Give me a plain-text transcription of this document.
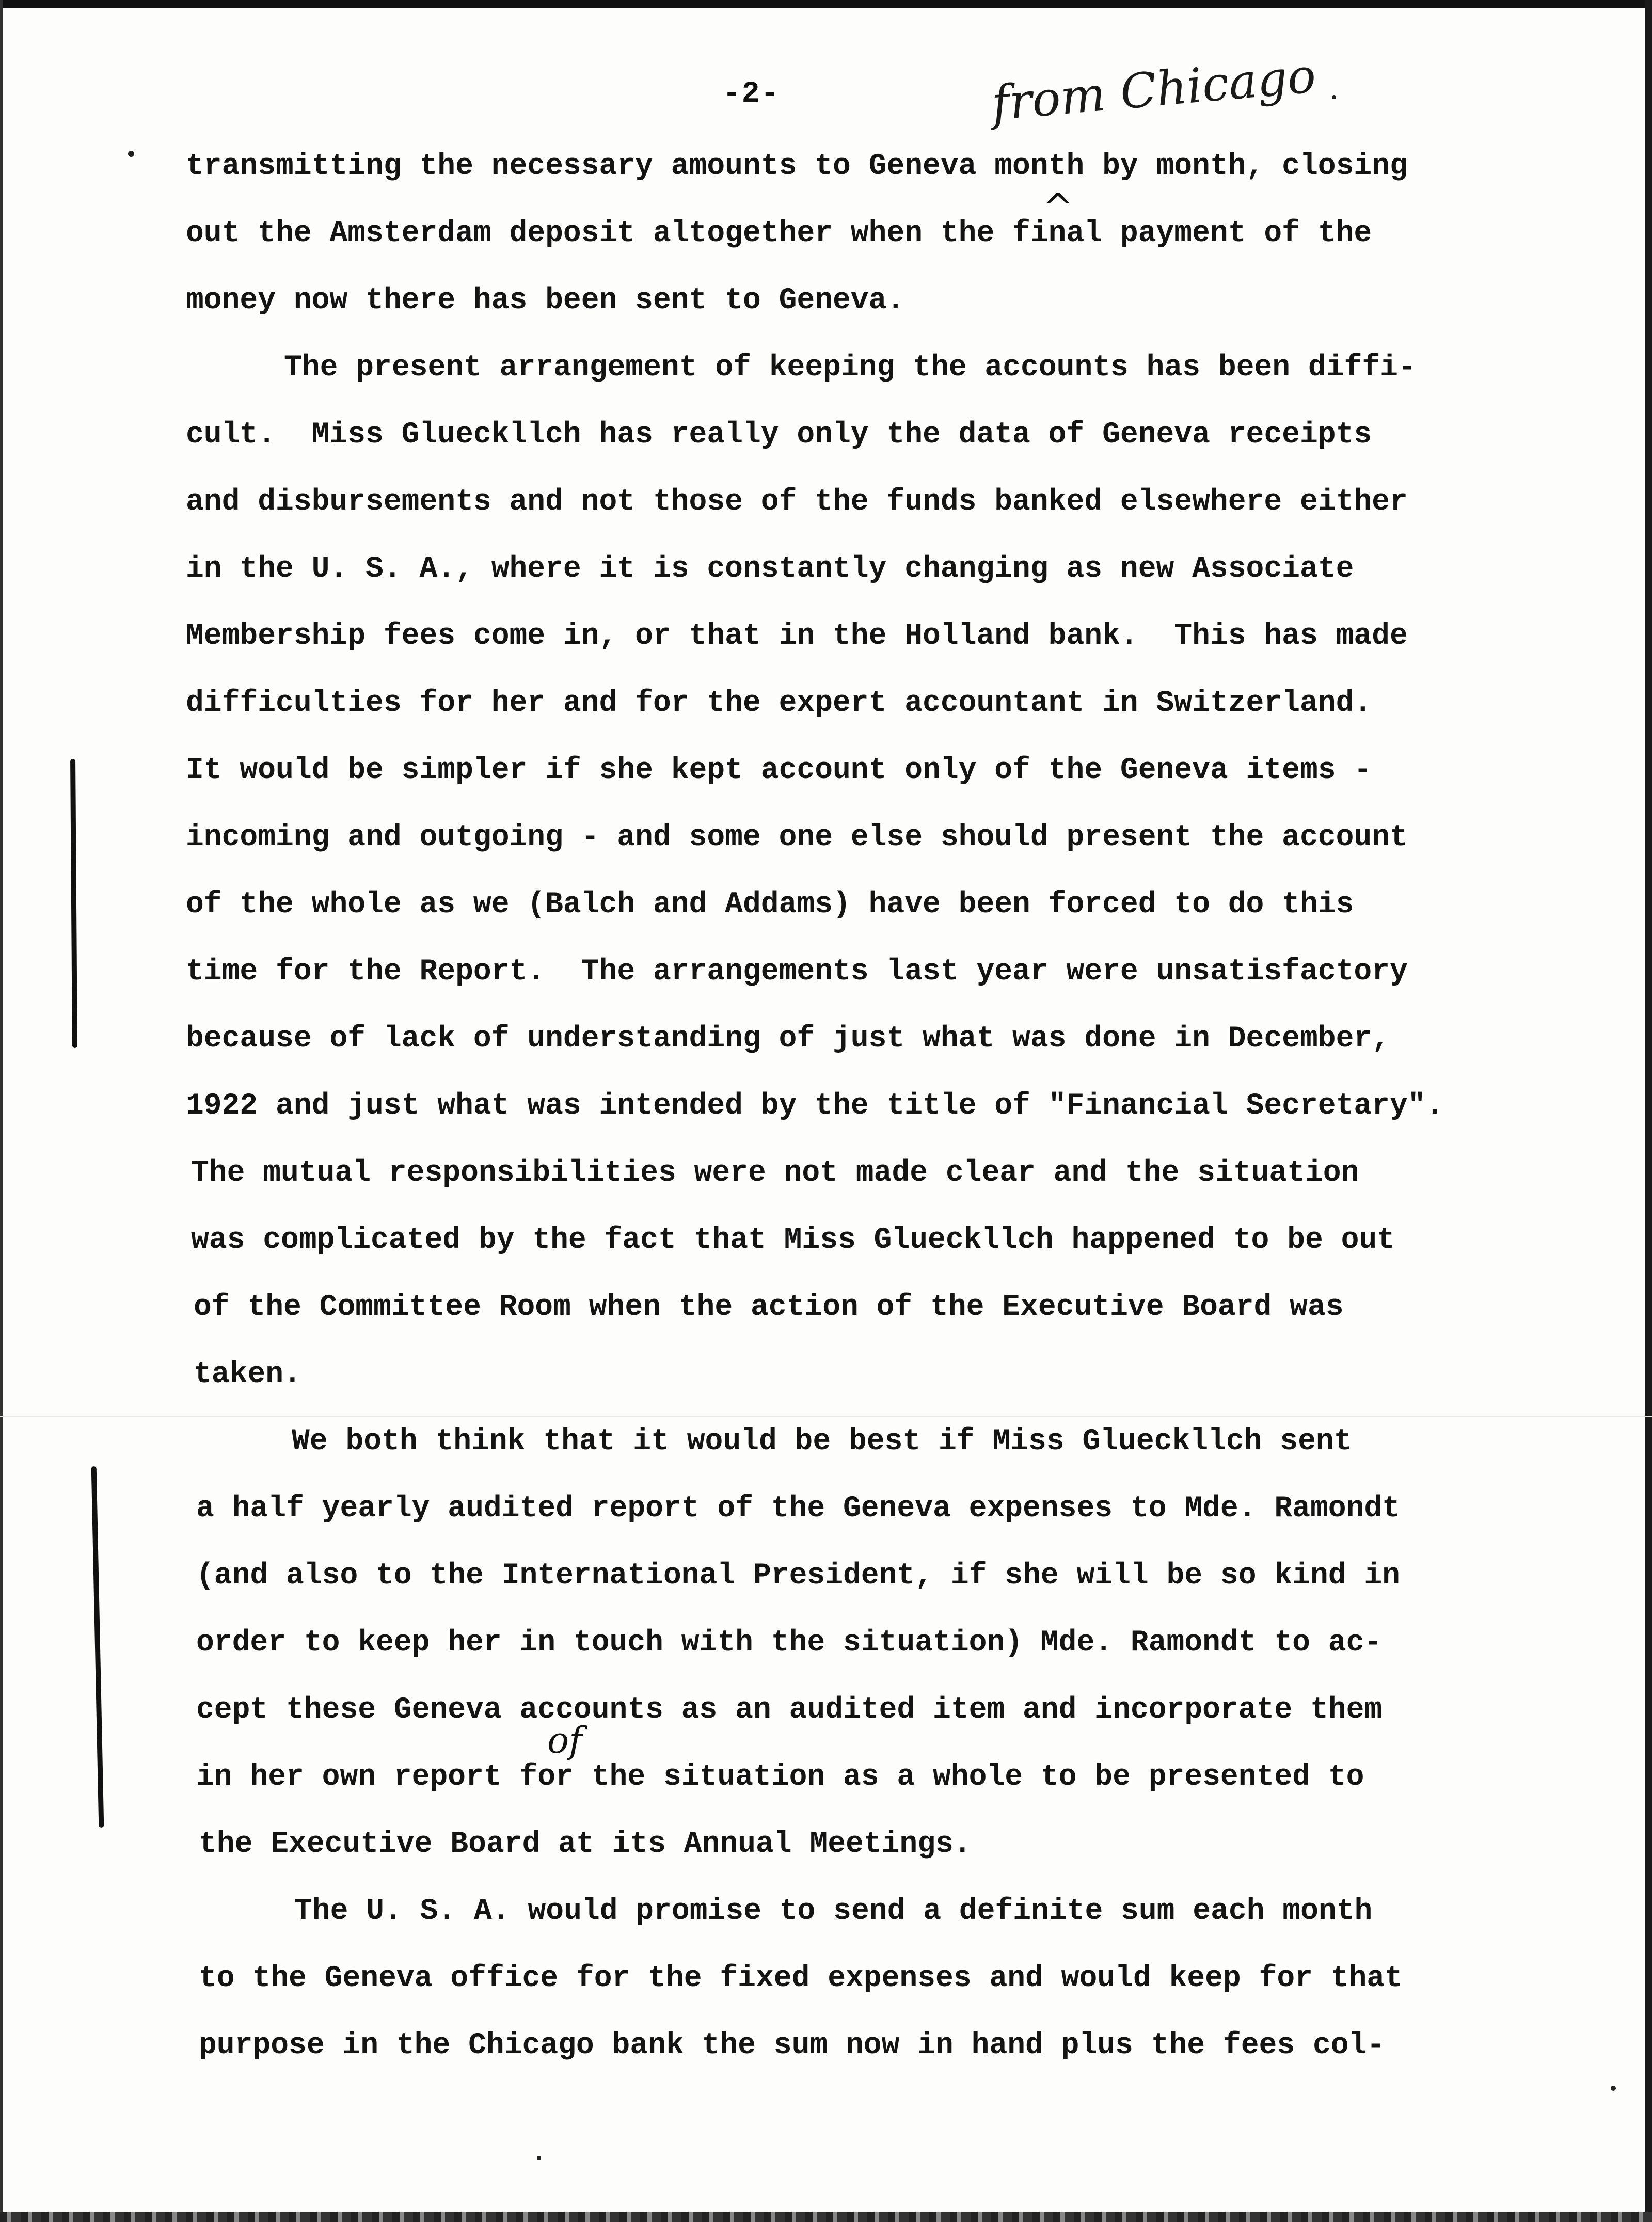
-2-	from Chicago
^
of

transmitting the necessary amounts to Geneva month by month, closing

out the Amsterdam deposit altogether when the final payment of the

money now there has been sent to Geneva.

The present arrangement of keeping the accounts has been diffi-

cult.  Miss Glueckllch has really only the data of Geneva receipts

and disbursements and not those of the funds banked elsewhere either

in the U. S. A., where it is constantly changing as new Associate

Membership fees come in, or that in the Holland bank.  This has made

difficulties for her and for the expert accountant in Switzerland.

It would be simpler if she kept account only of the Geneva items -

incoming and outgoing - and some one else should present the account

of the whole as we (Balch and Addams) have been forced to do this

time for the Report.  The arrangements last year were unsatisfactory

because of lack of understanding of just what was done in December,

1922 and just what was intended by the title of "Financial Secretary".

The mutual responsibilities were not made clear and the situation

was complicated by the fact that Miss Glueckllch happened to be out

of the Committee Room when the action of the Executive Board was

taken.

We both think that it would be best if Miss Glueckllch sent

a half yearly audited report of the Geneva expenses to Mde. Ramondt

(and also to the International President, if she will be so kind in

order to keep her in touch with the situation) Mde. Ramondt to ac-

cept these Geneva accounts as an audited item and incorporate them

in her own report for the situation as a whole to be presented to

the Executive Board at its Annual Meetings.

The U. S. A. would promise to send a definite sum each month

to the Geneva office for the fixed expenses and would keep for that

purpose in the Chicago bank the sum now in hand plus the fees col-
